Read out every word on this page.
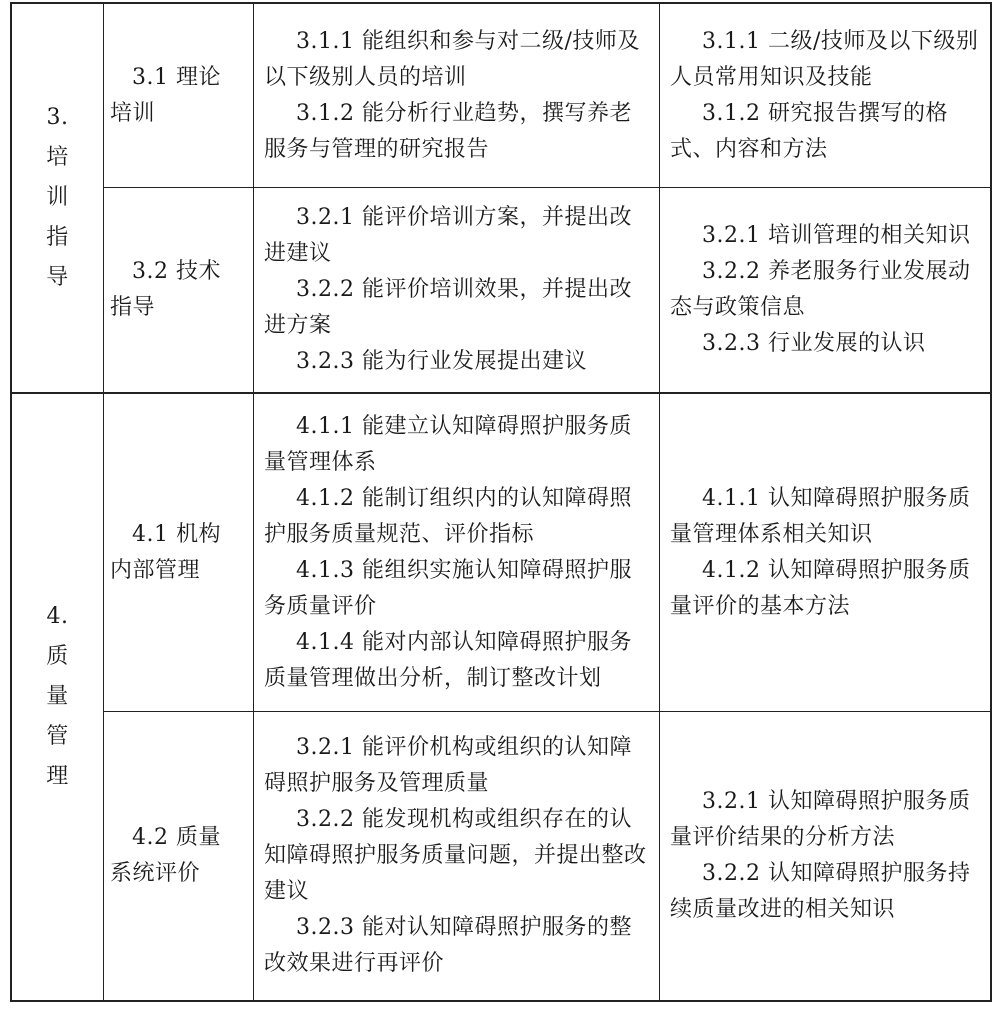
3.
培
训
指
导
3.1 理论
培训

3.1.1 能组织和参与对二级/技师及以下级别人员的培训

3.1.2 能分析行业趋势，撰写养老服务与管理的研究报告

3.1.1 二级/技师及以下级别人员常用知识及技能

3.1.2 研究报告撰写的格式、内容和方法

3.2 技术
指导

3.2.1 能评价培训方案，并提出改进建议

3.2.2 能评价培训效果，并提出改进方案

3.2.3 能为行业发展提出建议

3.2.1 培训管理的相关知识

3.2.2 养老服务行业发展动态与政策信息

3.2.3 行业发展的认识

4.
质
量
管
理
4.1 机构
内部管理

4.1.1 能建立认知障碍照护服务质量管理体系

4.1.2 能制订组织内的认知障碍照护服务质量规范、评价指标

4.1.3 能组织实施认知障碍照护服务质量评价

4.1.4 能对内部认知障碍照护服务质量管理做出分析，制订整改计划

4.1.1 认知障碍照护服务质量管理体系相关知识

4.1.2 认知障碍照护服务质量评价的基本方法

4.2 质量
系统评价

3.2.1 能评价机构或组织的认知障碍照护服务及管理质量

3.2.2 能发现机构或组织存在的认知障碍照护服务质量问题，并提出整改建议

3.2.3 能对认知障碍照护服务的整改效果进行再评价

3.2.1 认知障碍照护服务质量评价结果的分析方法

3.2.2 认知障碍照护服务持续质量改进的相关知识
